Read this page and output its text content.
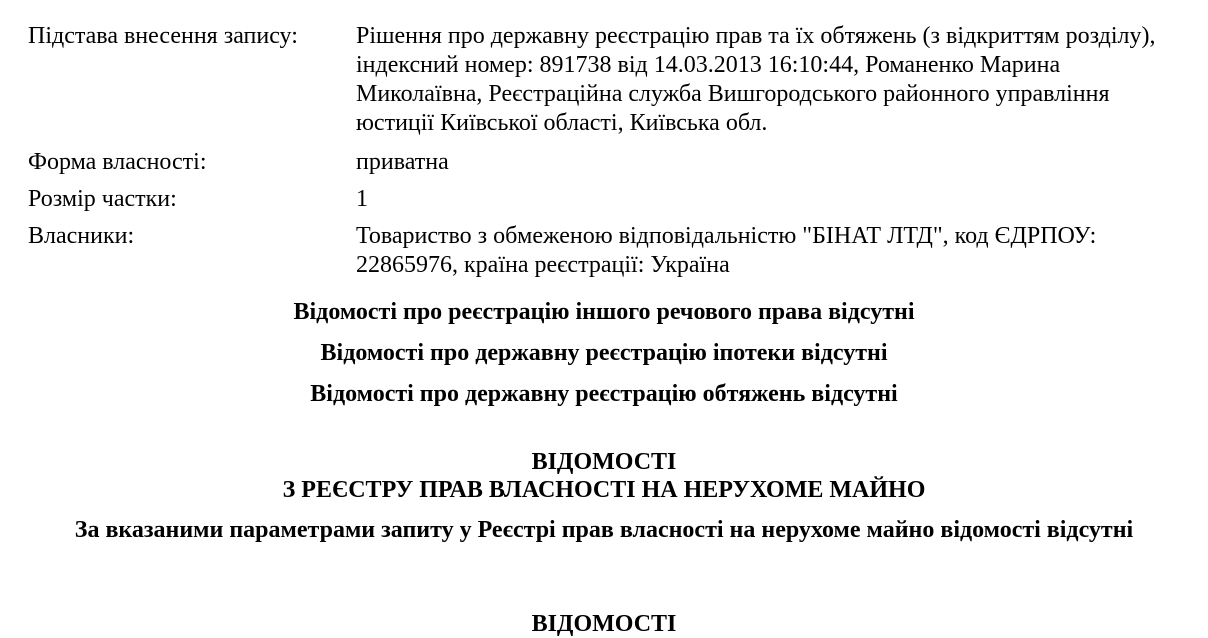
Підстава внесення запису:	Рішення про державну реєстрацію прав та їх обтяжень (з відкриттям розділу), індексний номер: 891738 від 14.03.2013 16:10:44, Романенко Марина Миколаївна, Реєстраційна служба Вишгородського районного управління юстиції Київської області, Київська обл.
Форма власності:	приватна
Розмір частки:	1
Власники:	Товариство з обмеженою відповідальністю "БІНАТ ЛТД", код ЄДРПОУ: 22865976, країна реєстрації: Україна
Відомості про реєстрацію іншого речового права відсутні
Відомості про державну реєстрацію іпотеки відсутні
Відомості про державну реєстрацію обтяжень відсутні
ВІДОМОСТІ
З РЕЄСТРУ ПРАВ ВЛАСНОСТІ НА НЕРУХОМЕ МАЙНО
За вказаними параметрами запиту у Реєстрі прав власності на нерухоме майно відомості відсутні
ВІДОМОСТІ
